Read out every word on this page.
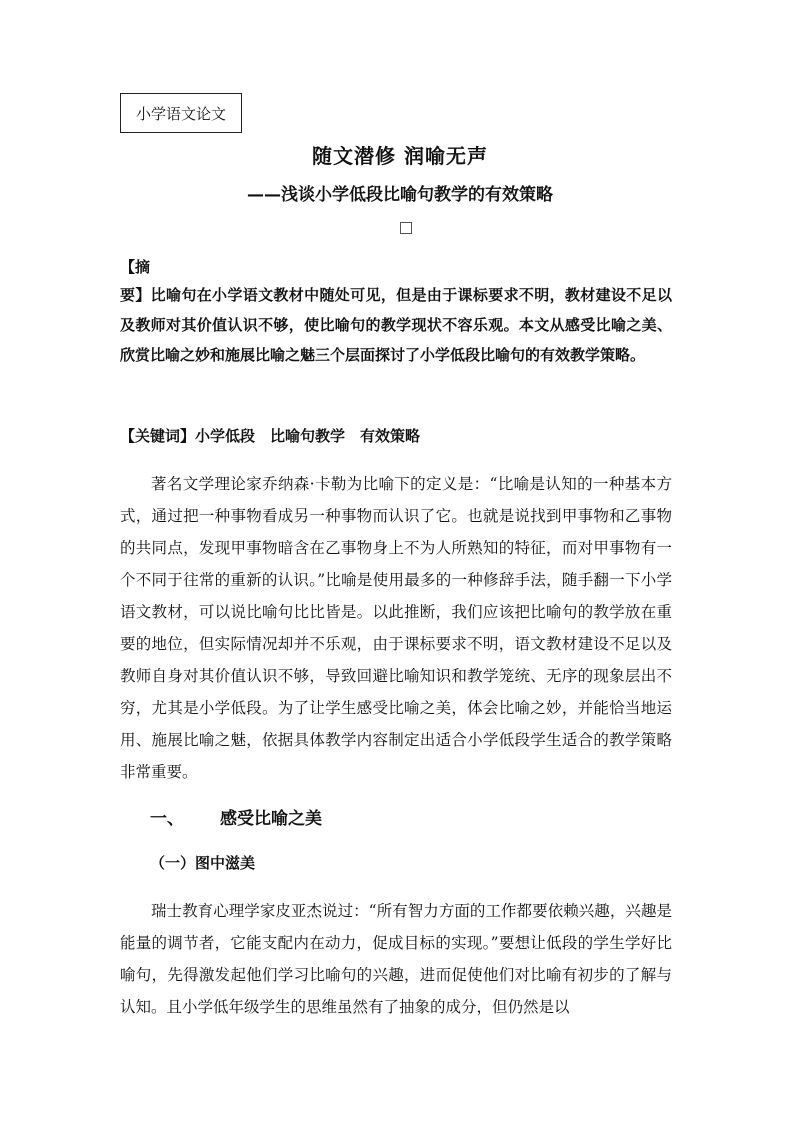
小学语文论文
随文潜修 润喻无声
——浅谈小学低段比喻句教学的有效策略
【摘
要】比喻句在小学语文教材中随处可见，但是由于课标要求不明，教材建设不足以及教师对其价值认识不够，使比喻句的教学现状不容乐观。本文从感受比喻之美、欣赏比喻之妙和施展比喻之魅三个层面探讨了小学低段比喻句的有效教学策略。
【关键词】小学低段　比喻句教学　有效策略
著名文学理论家乔纳森·卡勒为比喻下的定义是：“比喻是认知的一种基本方式，通过把一种事物看成另一种事物而认识了它。也就是说找到甲事物和乙事物的共同点，发现甲事物暗含在乙事物身上不为人所熟知的特征，而对甲事物有一个不同于往常的重新的认识。”比喻是使用最多的一种修辞手法，随手翻一下小学语文教材，可以说比喻句比比皆是。以此推断，我们应该把比喻句的教学放在重要的地位，但实际情况却并不乐观，由于课标要求不明，语文教材建设不足以及教师自身对其价值认识不够，导致回避比喻知识和教学笼统、无序的现象层出不穷，尤其是小学低段。为了让学生感受比喻之美，体会比喻之妙，并能恰当地运用、施展比喻之魅，依据具体教学内容制定出适合小学低段学生适合的教学策略非常重要。
一、 感受比喻之美
（一）图中滋美
瑞士教育心理学家皮亚杰说过：“所有智力方面的工作都要依赖兴趣，兴趣是能量的调节者，它能支配内在动力，促成目标的实现。”要想让低段的学生学好比喻句，先得激发起他们学习比喻句的兴趣，进而促使他们对比喻有初步的了解与认知。且小学低年级学生的思维虽然有了抽象的成分，但仍然是以
